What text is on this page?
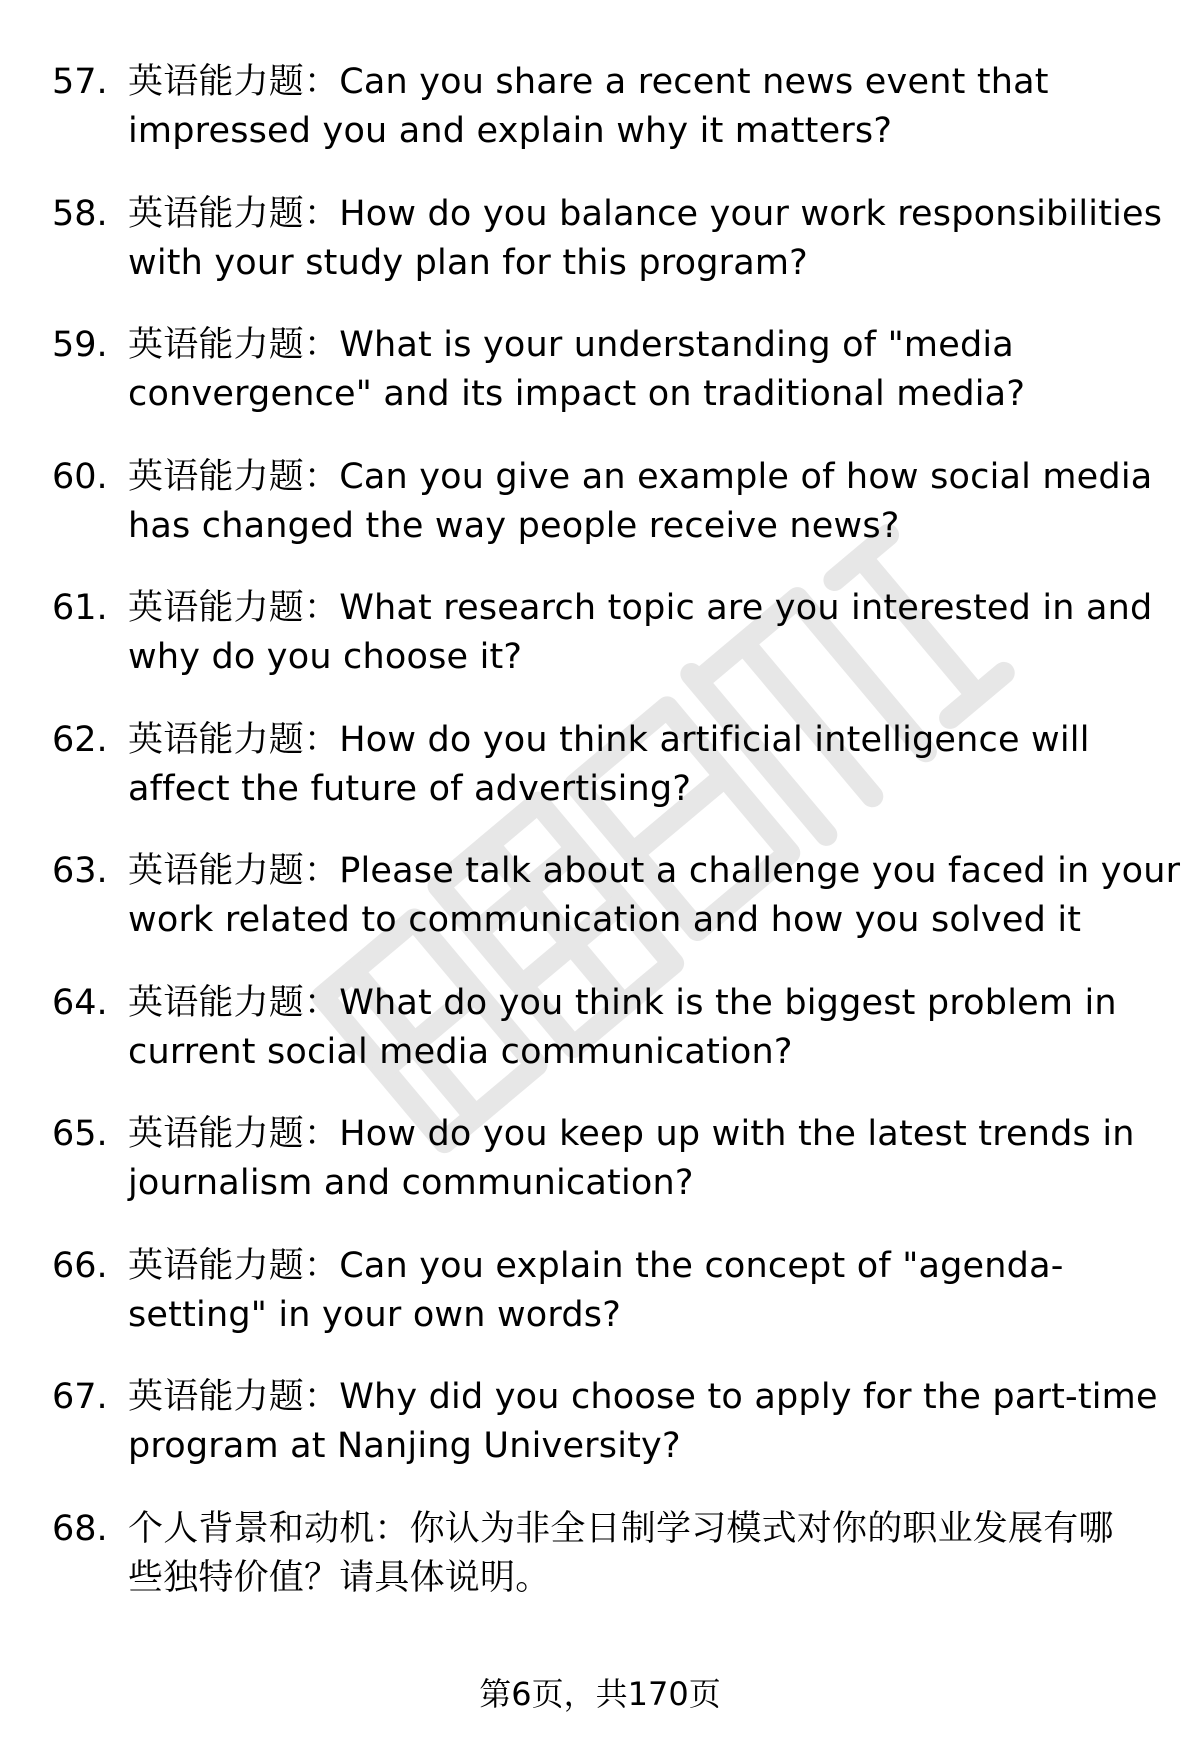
57. 英语能力题：Can you share a recent news event that
impressed you and explain why it matters?
58. 英语能力题：How do you balance your work responsibilities
with your study plan for this program?
59. 英语能力题：What is your understanding of "media
convergence" and its impact on traditional media?
60. 英语能力题：Can you give an example of how social media
has changed the way people receive news?
61. 英语能力题：What research topic are you interested in and
why do you choose it?
62. 英语能力题：How do you think artificial intelligence will
affect the future of advertising?
63. 英语能力题：Please talk about a challenge you faced in your
work related to communication and how you solved it
64. 英语能力题：What do you think is the biggest problem in
current social media communication?
65. 英语能力题：How do you keep up with the latest trends in
journalism and communication?
66. 英语能力题：Can you explain the concept of "agenda-
setting" in your own words?
67. 英语能力题：Why did you choose to apply for the part-time
program at Nanjing University?
68. 个人背景和动机：你认为非全日制学习模式对你的职业发展有哪
些独特价值？请具体说明。
第6页，共170页
